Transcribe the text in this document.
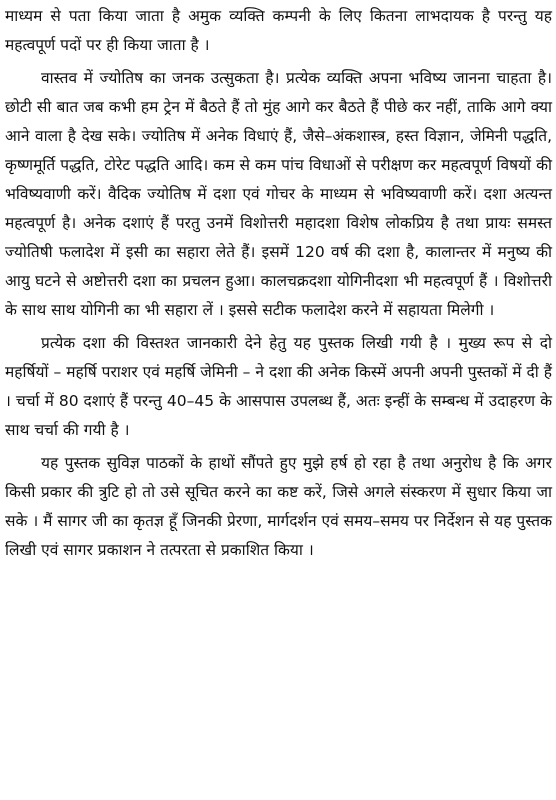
माध्यम से पता किया जाता है अमुक व्यक्ति कम्पनी के लिए कितना लाभदायक है परन्तु यह महत्वपूर्ण पदों पर ही किया जाता है ।

वास्तव में ज्योतिष का जनक उत्सुकता है। प्रत्येक व्यक्ति अपना भविष्य जानना चाहता है। छोटी सी बात जब कभी हम ट्रेन में बैठते हैं तो मुंह आगे कर बैठते हैं पीछे कर नहीं, ताकि आगे क्या आने वाला है देख सके। ज्योतिष में अनेक विधाएं हैं, जैसे–अंकशास्त्र, हस्त विज्ञान, जेमिनी पद्धति, कृष्णमूर्ति पद्धति, टोरेट पद्धति आदि। कम से कम पांच विधाओं से परीक्षण कर महत्वपूर्ण विषयों की भविष्यवाणी करें। वैदिक ज्योतिष में दशा एवं गोचर के माध्यम से भविष्यवाणी करें। दशा अत्यन्त महत्वपूर्ण है। अनेक दशाएं हैं परतु उनमें विशोत्तरी महादशा विशेष लोकप्रिय है तथा प्रायः समस्त ज्योतिषी फलादेश में इसी का सहारा लेते हैं। इसमें 120 वर्ष की दशा है, कालान्तर में मनुष्य की आयु घटने से अष्टोत्तरी दशा का प्रचलन हुआ। कालचक्रदशा योगिनीदशा भी महत्वपूर्ण हैं । विशोत्तरी के साथ साथ योगिनी का भी सहारा लें । इससे सटीक फलादेश करने में सहायता मिलेगी ।

प्रत्येक दशा की विस्तश्त जानकारी देने हेतु यह पुस्तक लिखी गयी है । मुख्य रूप से दो महर्षियों – महर्षि पराशर एवं महर्षि जेमिनी – ने दशा की अनेक किस्में अपनी अपनी पुस्तकों में दी हैं । चर्चा में 80 दशाएं हैं परन्तु 40–45 के आसपास उपलब्ध हैं, अतः इन्हीं के सम्बन्ध में उदाहरण के साथ चर्चा की गयी है ।

यह पुस्तक सुविज्ञ पाठकों के हाथों सौंपते हुए मुझे हर्ष हो रहा है तथा अनुरोध है कि अगर किसी प्रकार की त्रुटि हो तो उसे सूचित करने का कष्ट करें, जिसे अगले संस्करण में सुधार किया जा सके । मैं सागर जी का कृतज्ञ हूँ जिनकी प्रेरणा, मार्गदर्शन एवं समय–समय पर निर्देशन से यह पुस्तक लिखी एवं सागर प्रकाशन ने तत्परता से प्रकाशित किया ।
